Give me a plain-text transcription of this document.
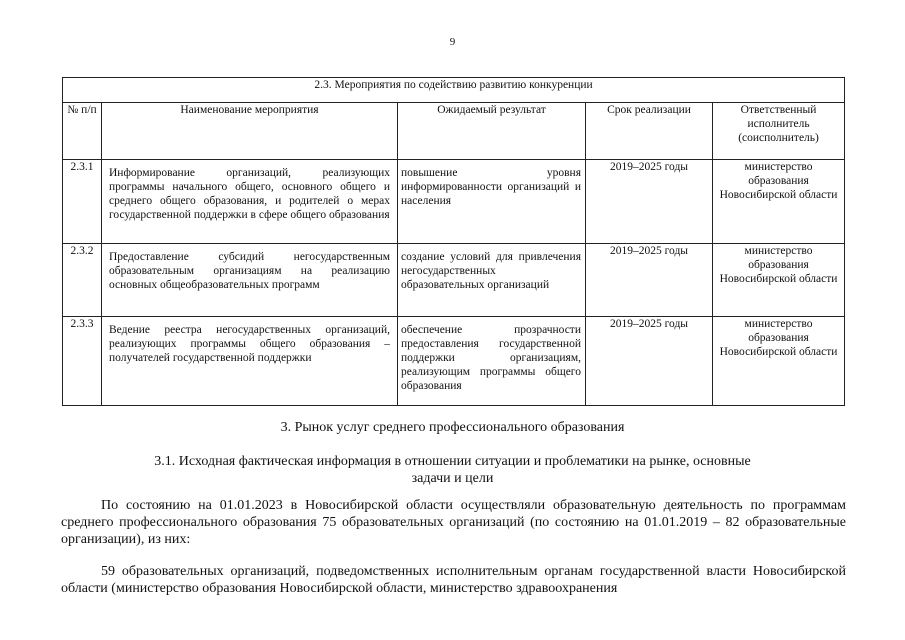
9
2.3. Мероприятия по содействию развитию конкуренции				
№ п/п	Наименование мероприятия	Ожидаемый результат	Срок реализации	Ответственный исполнитель (соисполнитель)
2.3.1	Информирование организаций, реализующих программы начального общего, основного общего и среднего общего образования, и родителей о мерах государственной поддержки в сфере общего образования	повышение уровня информированности организаций и населения	2019–2025 годы	министерство образования Новосибирской области
2.3.2	Предоставление субсидий негосударственным образовательным организациям на реализацию основных общеобразовательных программ	создание условий для привлечения негосударственных образовательных организаций	2019–2025 годы	министерство образования Новосибирской области
2.3.3	Ведение реестра негосударственных организаций, реализующих программы общего образования – получателей государственной поддержки	обеспечение прозрачности предоставления государственной поддержки организациям, реализующим программы общего образования	2019–2025 годы	министерство образования Новосибирской области
3. Рынок услуг среднего профессионального образования
3.1. Исходная фактическая информация в отношении ситуации и проблематики на рынке, основные задачи и цели

По состоянию на 01.01.2023 в Новосибирской области осуществляли образовательную деятельность по программам среднего профессионального образования 75 образовательных организаций (по состоянию на 01.01.2019 – 82 образовательные организации), из них:

59 образовательных организаций, подведомственных исполнительным органам государственной власти Новосибирской области (министерство образования Новосибирской области, министерство здравоохранения
